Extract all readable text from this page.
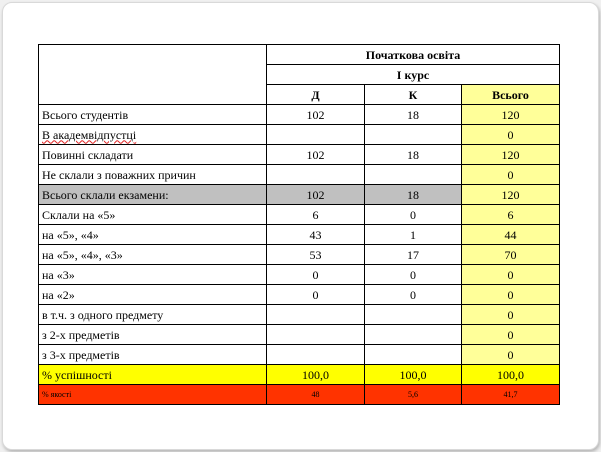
	Початкова освіта		
	І курс		
	Д	К	Всього
Всього студентів	102	18	120
В академвідпустці			0
Повинні складати	102	18	120
Не склали з поважних причин			0
Всього склали екзамени:	102	18	120
Склали на «5»	6	0	6
на «5», «4»	43	1	44
на «5», «4», «3»	53	17	70
на «3»	0	0	0
на «2»	0	0	0
в т.ч. з одного предмету			0
з 2-х предметів			0
з 3-х предметів			0
% успішності	100,0	100,0	100,0
% якості	48	5,6	41,7
